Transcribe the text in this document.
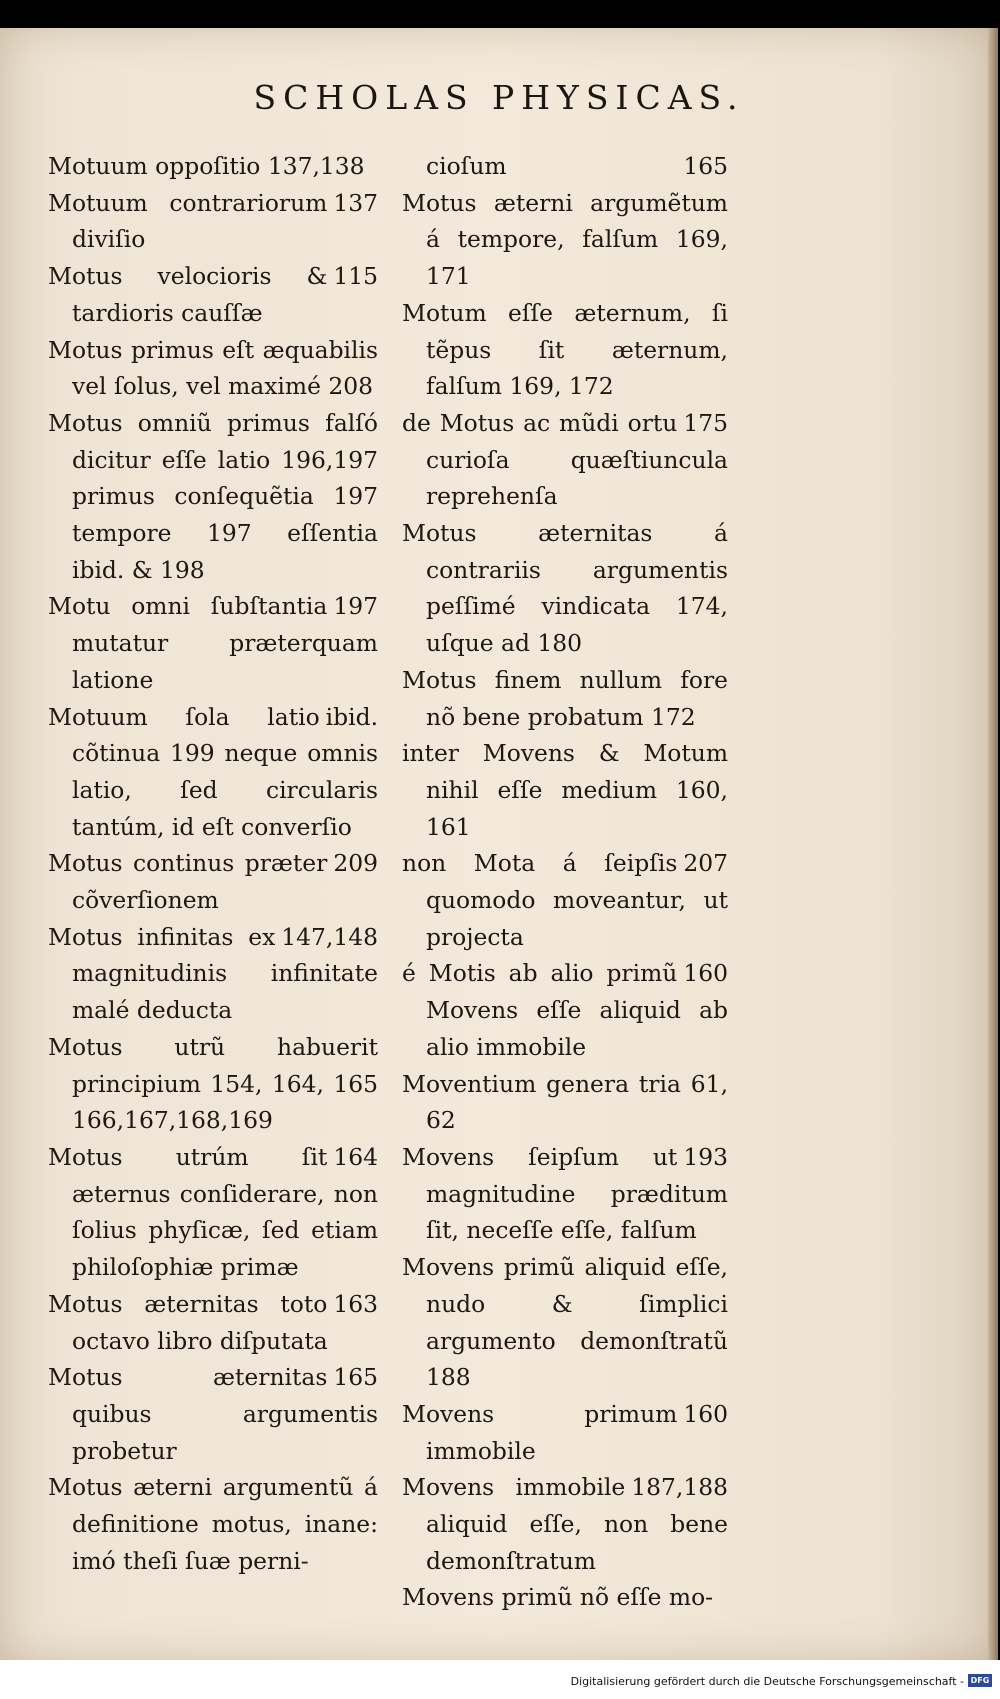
SCHOLAS PHYSICAS.
Motuum oppoſitio 137,138
137
Motuum contrariorum diviſio
115
Motus velocioris & tardioris cauſſæ
Motus primus eſt æquabilis vel ſolus, vel maximé 208
Motus omniũ primus falſó dicitur eſſe latio 196,197 primus conſequẽtia 197 tempore 197 eſſentia ibid. & 198
197
Motu omni ſubſtantia mutatur præterquam latione
ibid.
Motuum ſola latio cõtinua 199 neque omnis latio, ſed circularis tantúm, id eſt converſio
209
Motus continus præter cõverſionem
147,148
Motus infinitas ex magnitudinis infinitate malé deducta
Motus utrũ habuerit principium 154, 164, 165 166,167,168,169
164
Motus utrúm ſit æternus conſiderare, non ſolius phyſicæ, ſed etiam philoſophiæ primæ
163
Motus æternitas toto octavo libro diſputata
165
Motus æternitas quibus argumentis probetur
Motus æterni argumentũ á definitione motus, inane: imó theſi ſuæ perni-
165
cioſum
Motus æterni argumẽtum á tempore, falſum 169, 171
Motum eſſe æternum, ſi tẽpus ſit æternum, falſum 169, 172
175
de Motus ac mũdi ortu curioſa quæſtiuncula reprehenſa
Motus æternitas á contrariis argumentis peſſimé vindicata 174, uſque ad 180
Motus finem nullum fore nõ bene probatum 172
inter Movens & Motum nihil eſſe medium 160, 161
207
non Mota á ſeipſis quomodo moveantur, ut projecta
160
é Motis ab alio primũ Movens eſſe aliquid ab alio immobile
Moventium genera tria 61, 62
193
Movens ſeipſum ut magnitudine præditum ſit, neceſſe eſſe, falſum
Movens primũ aliquid eſſe, nudo & ſimplici argumento demonſtratũ 188
160
Movens primum immobile
187,188
Movens immobile aliquid eſſe, non bene demonſtratum
Movens primũ nõ eſſe mo-
Digitalisierung gefördert durch die Deutsche Forschungsgemeinschaft - DFG
